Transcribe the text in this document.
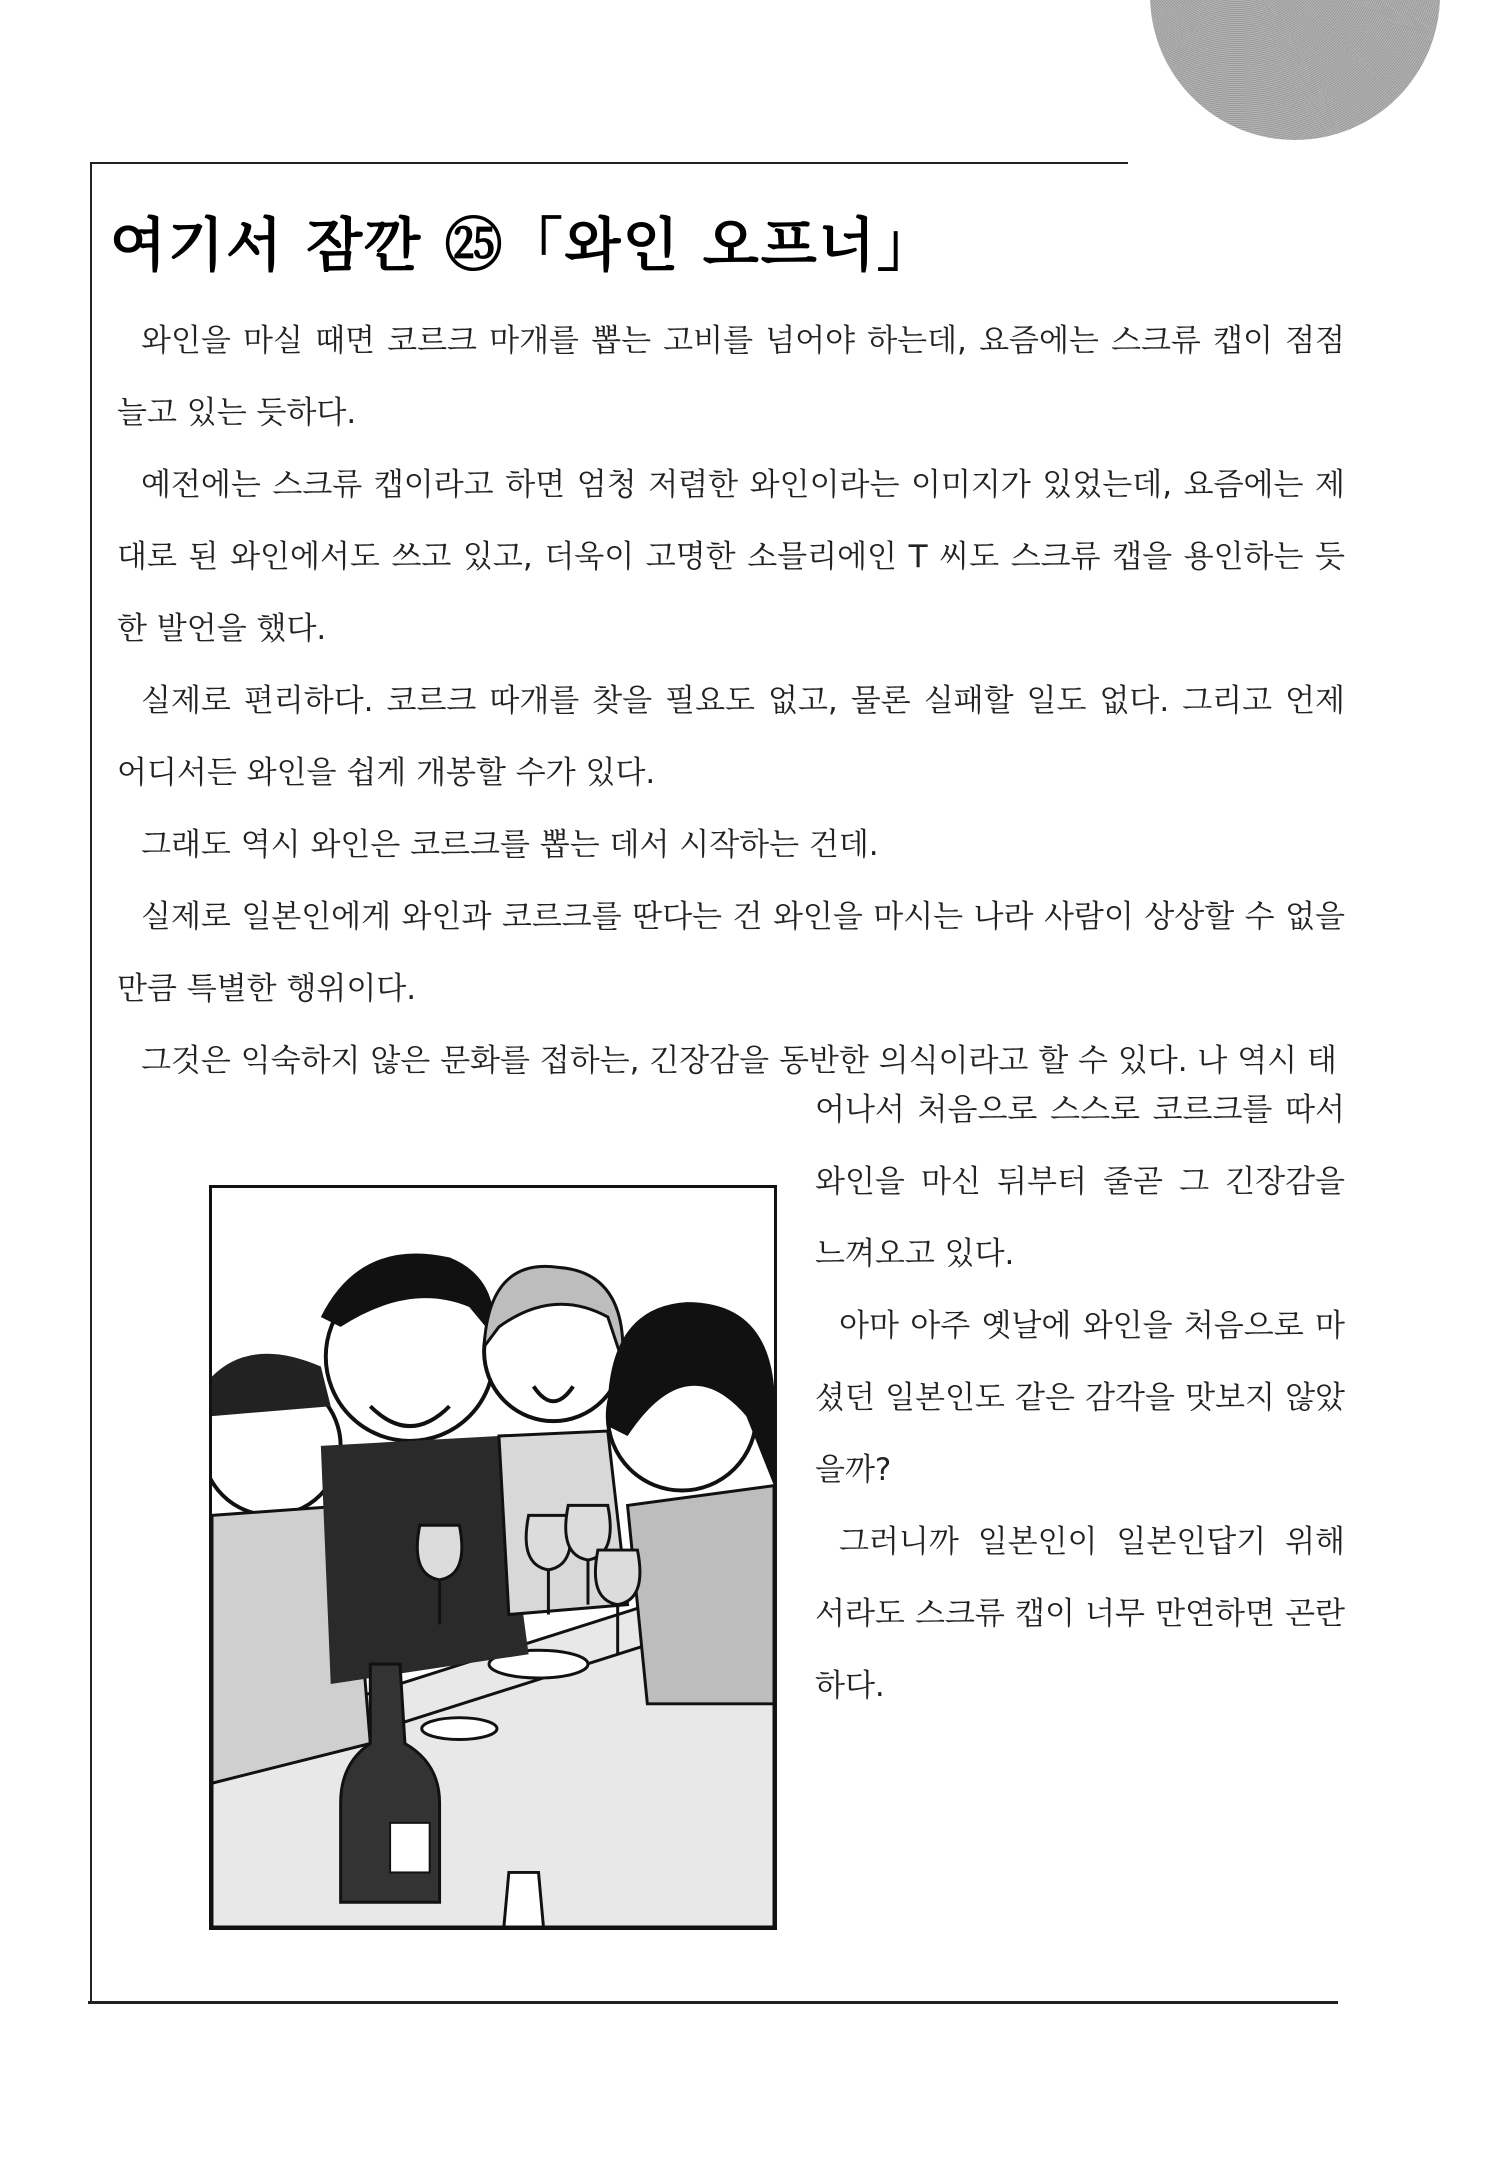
여기서 잠깐 ㉕「와인 오프너」

와인을 마실 때면 코르크 마개를 뽑는 고비를 넘어야 하는데, 요즘에는 스크류 캡이 점점 늘고 있는 듯하다.

예전에는 스크류 캡이라고 하면 엄청 저렴한 와인이라는 이미지가 있었는데, 요즘에는 제대로 된 와인에서도 쓰고 있고, 더욱이 고명한 소믈리에인 T 씨도 스크류 캡을 용인하는 듯한 발언을 했다.

실제로 편리하다. 코르크 따개를 찾을 필요도 없고, 물론 실패할 일도 없다. 그리고 언제 어디서든 와인을 쉽게 개봉할 수가 있다.

그래도 역시 와인은 코르크를 뽑는 데서 시작하는 건데.

실제로 일본인에게 와인과 코르크를 딴다는 건 와인을 마시는 나라 사람이 상상할 수 없을 만큼 특별한 행위이다.

그것은 익숙하지 않은 문화를 접하는, 긴장감을 동반한 의식이라고 할 수 있다. 나 역시 태

어나서 처음으로 스스로 코르크를 따서 와인을 마신 뒤부터 줄곧 그 긴장감을 느껴오고 있다.

아마 아주 옛날에 와인을 처음으로 마셨던 일본인도 같은 감각을 맛보지 않았을까?

그러니까 일본인이 일본인답기 위해서라도 스크류 캡이 너무 만연하면 곤란하다.
